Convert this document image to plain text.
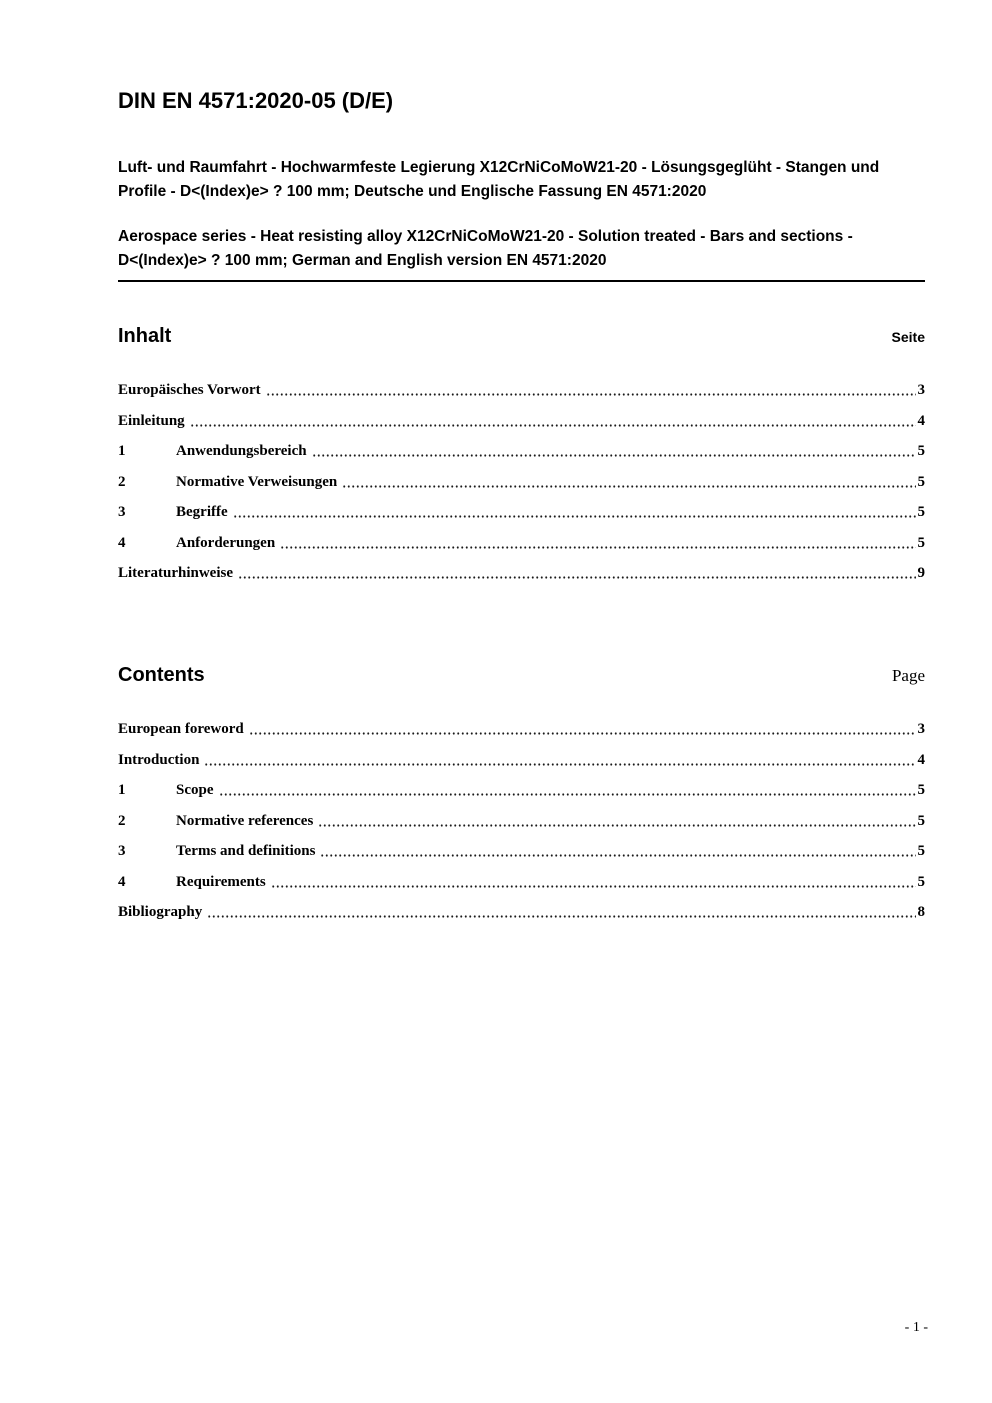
DIN EN 4571:2020-05 (D/E)

Luft- und Raumfahrt - Hochwarmfeste Legierung X12CrNiCoMoW21-20 - Lösungsgeglüht - Stangen und Profile - D<(Index)e> ? 100 mm; Deutsche und Englische Fassung EN 4571:2020

Aerospace series - Heat resisting alloy X12CrNiCoMoW21-20 - Solution treated - Bars and sections - D<(Index)e> ? 100 mm; German and English version EN 4571:2020

Inhalt	Seite
Europäisches Vorwort	3
Einleitung	4
1	Anwendungsbereich	5
2	Normative Verweisungen	5
3	Begriffe	5
4	Anforderungen	5
Literaturhinweise	9
Contents	Page
European foreword	3
Introduction	4
1	Scope	5
2	Normative references	5
3	Terms and definitions	5
4	Requirements	5
Bibliography	8
- 1 -
